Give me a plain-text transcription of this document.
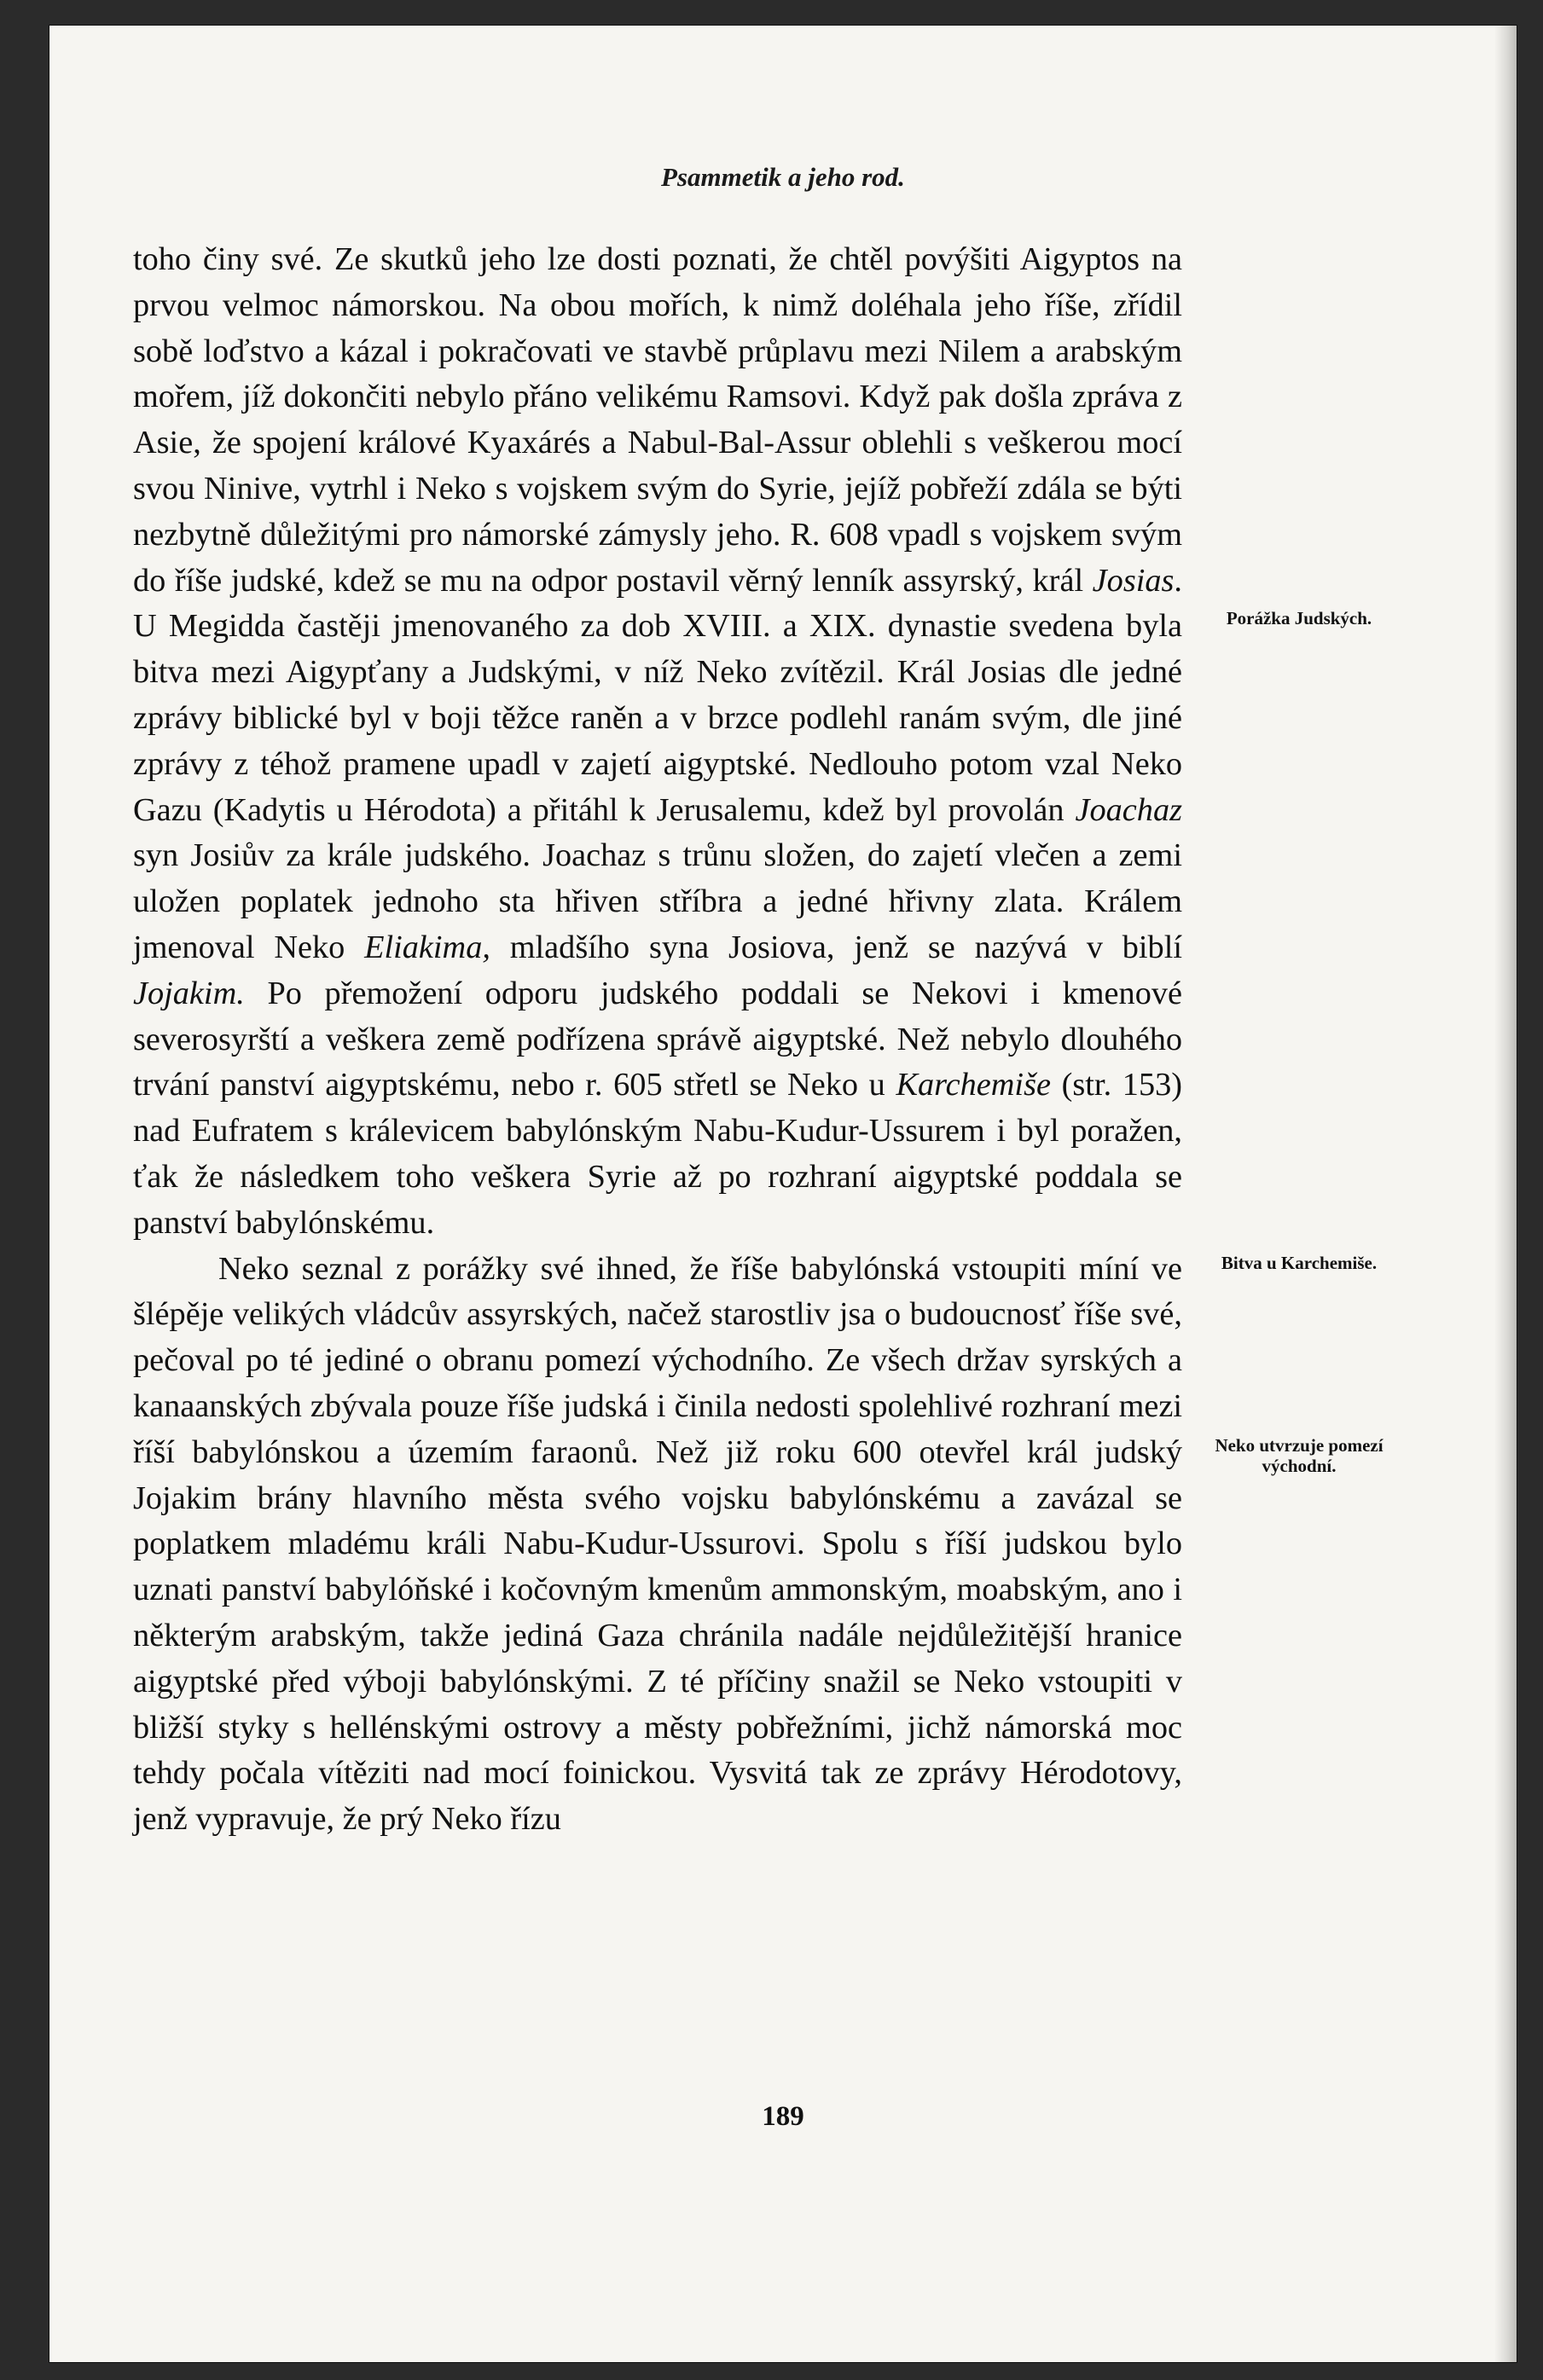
Psammetik a jeho rod.

toho činy své. Ze skutků jeho lze dosti poznati, že chtěl povýšiti Aigyptos na prvou velmoc námorskou. Na obou mořích, k nimž doléhala jeho říše, zřídil sobě loďstvo a kázal i pokračovati ve stavbě průplavu mezi Nilem a arabským mořem, jíž dokončiti nebylo přáno velikému Ramsovi. Když pak došla zpráva z Asie, že spojení králové Kyaxárés a Nabul-Bal-Assur oblehli s veškerou mocí svou Ninive, vytrhl i Neko s vojskem svým do Syrie, jejíž pobřeží zdála se býti nezbytně důležitými pro námorské zámysly jeho. R. 608 vpadl s vojskem svým do říše judské, kdež se mu na odpor postavil věrný lenník assyrský, král Josias. U Megidda častěji jmenovaného za dob XVIII. a XIX. dynastie svedena byla bitva mezi Aigypťany a Judskými, v níž Neko zvítězil. Král Josias dle jedné zprávy biblické byl v boji těžce raněn a v brzce podlehl ranám svým, dle jiné zprávy z téhož pramene upadl v zajetí aigyptské. Nedlouho potom vzal Neko Gazu (Kadytis u Hérodota) a přitáhl k Jerusalemu, kdež byl provolán Joachaz syn Josiův za krále judského. Joachaz s trůnu složen, do zajetí vlečen a zemi uložen poplatek jednoho sta hřiven stříbra a jedné hřivny zlata. Králem jmenoval Neko Eliakima, mladšího syna Josiova, jenž se nazývá v biblí Jojakim. Po přemožení odporu judského poddali se Nekovi i kmenové severosyrští a veškera země podřízena správě aigyptské. Než nebylo dlouhého trvání panství aigyptskému, nebo r. 605 střetl se Neko u Karchemiše (str. 153) nad Eufratem s králevicem babylónským Nabu-Kudur-Ussurem i byl poražen, ťak že následkem toho veškera Syrie až po rozhraní aigyptské poddala se panství babylónskému.

Neko seznal z porážky své ihned, že říše babylónská vstoupiti míní ve šlépěje velikých vládcův assyrských, načež starostliv jsa o budoucnosť říše své, pečoval po té jediné o obranu pomezí východního. Ze všech držav syrských a kanaanských zbývala pouze říše judská i činila nedosti spolehlivé rozhraní mezi říší babylónskou a územím faraonů. Než již roku 600 otevřel král judský Jojakim brány hlavního města svého vojsku babylónskému a zavázal se poplatkem mladému králi Nabu-Kudur-Ussurovi. Spolu s říší judskou bylo uznati panství babylóňské i kočovným kmenům ammonským, moabským, ano i některým arabským, takže jediná Gaza chránila nadále nejdůležitější hranice aigyptské před výboji babylónskými. Z té příčiny snažil se Neko vstoupiti v bližší styky s hellénskými ostrovy a městy pobřežními, jichž námorská moc tehdy počala vítěziti nad mocí foinickou. Vysvitá tak ze zprávy Hérodotovy, jenž vypravuje, že prý Neko řízu

Porážka Judských.
Bitva u Karchemiše.
Neko utvrzuje pomezí východní.
189
